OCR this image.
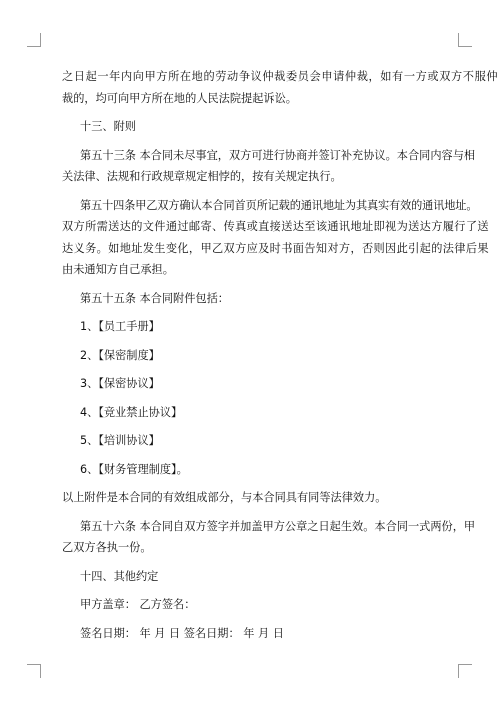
之日起一年内向甲方所在地的劳动争议仲裁委员会申请仲裁，如有一方或双方不服仲

裁的，均可向甲方所在地的人民法院提起诉讼。

十三、附则

第五十三条 本合同未尽事宜，双方可进行协商并签订补充协议。本合同内容与相

关法律、法规和行政规章规定相悖的，按有关规定执行。

第五十四条甲乙双方确认本合同首页所记载的通讯地址为其真实有效的通讯地址。

双方所需送达的文件通过邮寄、传真或直接送达至该通讯地址即视为送达方履行了送

达义务。如地址发生变化，甲乙双方应及时书面告知对方，否则因此引起的法律后果

由未通知方自己承担。

第五十五条 本合同附件包括：

1、【员工手册】

2、【保密制度】

3、【保密协议】

4、【竞业禁止协议】

5、【培训协议】

6、【财务管理制度】。

以上附件是本合同的有效组成部分，与本合同具有同等法律效力。

第五十六条 本合同自双方签字并加盖甲方公章之日起生效。本合同一式两份，甲

乙双方各执一份。

十四、其他约定

甲方盖章： 乙方签名：

签名日期： 年 月 日 签名日期： 年 月 日
